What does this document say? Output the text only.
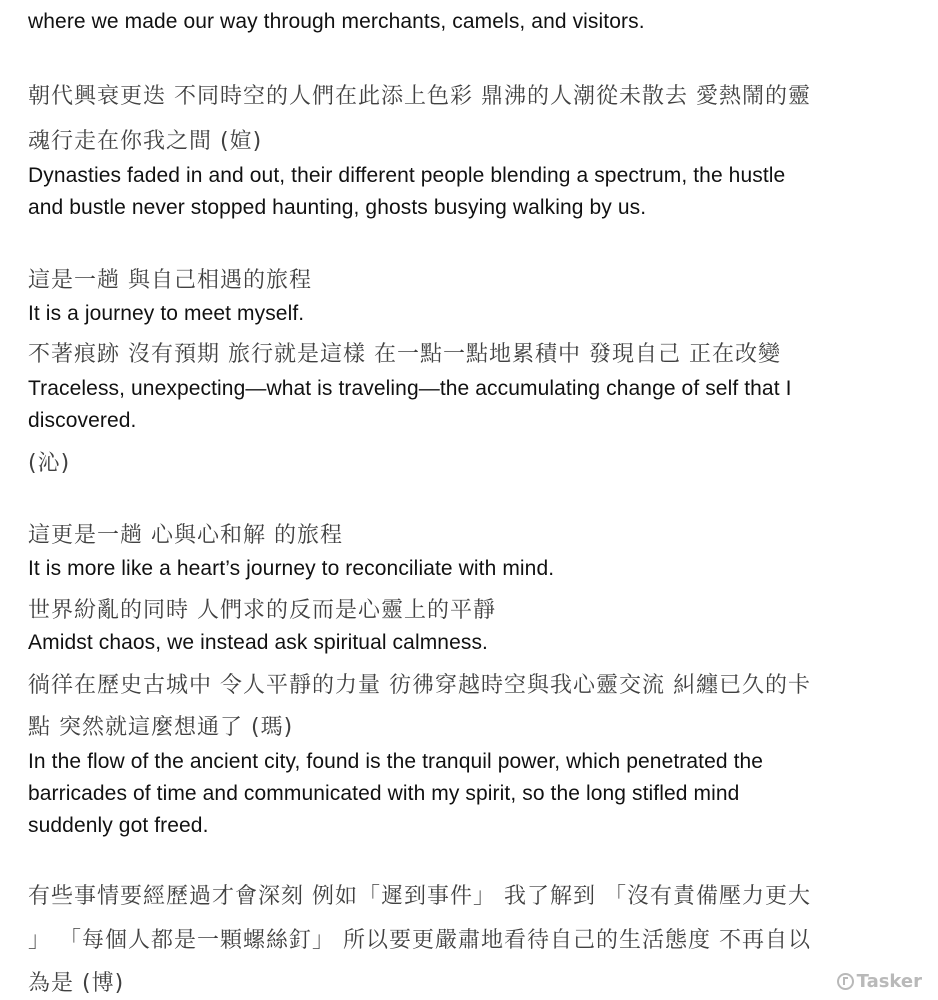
where we made our way through merchants, camels, and visitors.

朝代興衰更迭 不同時空的人們在此添上色彩 鼎沸的人潮從未散去 愛熱鬧的靈

魂行走在你我之間 (媗)

Dynasties faded in and out, their different people blending a spectrum, the hustle

and bustle never stopped haunting, ghosts busying walking by us.

這是一趟 與自己相遇的旅程

It is a journey to meet myself.

不著痕跡 沒有預期 旅行就是這樣 在一點一點地累積中 發現自己 正在改變

Traceless, unexpecting—what is traveling—the accumulating change of self that I

discovered.

(沁)

這更是一趟 心與心和解 的旅程

It is more like a heart’s journey to reconciliate with mind.

世界紛亂的同時 人們求的反而是心靈上的平靜

Amidst chaos, we instead ask spiritual calmness.

徜徉在歷史古城中 令人平靜的力量 彷彿穿越時空與我心靈交流 糾纏已久的卡

點 突然就這麼想通了 (瑪)

In the flow of the ancient city, found is the tranquil power, which penetrated the

barricades of time and communicated with my spirit, so the long stifled mind

suddenly got freed.

有些事情要經歷過才會深刻 例如「遲到事件」 我了解到 「沒有責備壓力更大

」 「每個人都是一顆螺絲釘」 所以要更嚴肅地看待自己的生活態度 不再自以

為是 (博)	Tasker
